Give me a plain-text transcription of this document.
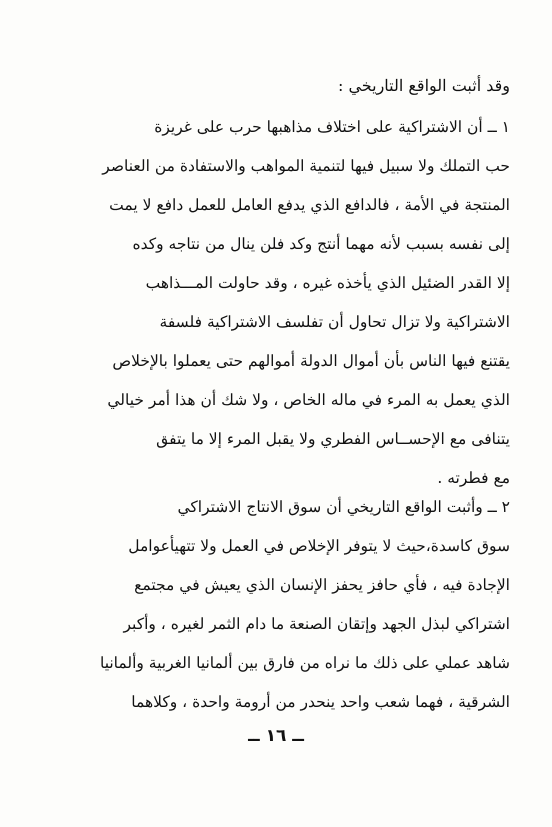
وقد أثبت الواقع التاريخي :
١ ــ أن الاشتراكية على اختلاف مذاهبها حرب على غريزة
حب التملك ولا سبيل فيها لتنمية المواهب والاستفادة من العناصر
المنتجة في الأمة ، فالدافع الذي يدفع العامل للعمل دافع لا يمت
إلى نفسه بسبب لأنه مهما أنتج وكد فلن ينال من نتاجه وكده
إلا القدر الضئيل الذي يأخذه غيره ، وقد حاولت المـــذاهب
الاشتراكية ولا تزال تحاول أن تفلسف الاشتراكية فلسفة
يقتنع فيها الناس بأن أموال الدولة أموالهم حتى يعملوا بالإخلاص
الذي يعمل به المرء في ماله الخاص ، ولا شك أن هذا أمر خيالي
يتنافى مع الإحســاس الفطري ولا يقبل المرء إلا ما يتفق
مع فطرته .
٢ ــ وأثبت الواقع التاريخي أن سوق الانتاج الاشتراكي
سوق كاسدة،حيث لا يتوفر الإخلاص في العمل ولا تتهيأعوامل
الإجادة فيه ، فأي حافز يحفز الإنسان الذي يعيش في مجتمع
اشتراكي لبذل الجهد وإتقان الصنعة ما دام الثمر لغيره ، وأكبر
شاهد عملي على ذلك ما نراه من فارق بين ألمانيا الغربية وألمانيا
الشرقية ، فهما شعب واحد ينحدر من أرومة واحدة ، وكلاهما
ــ ١٦ ــ
